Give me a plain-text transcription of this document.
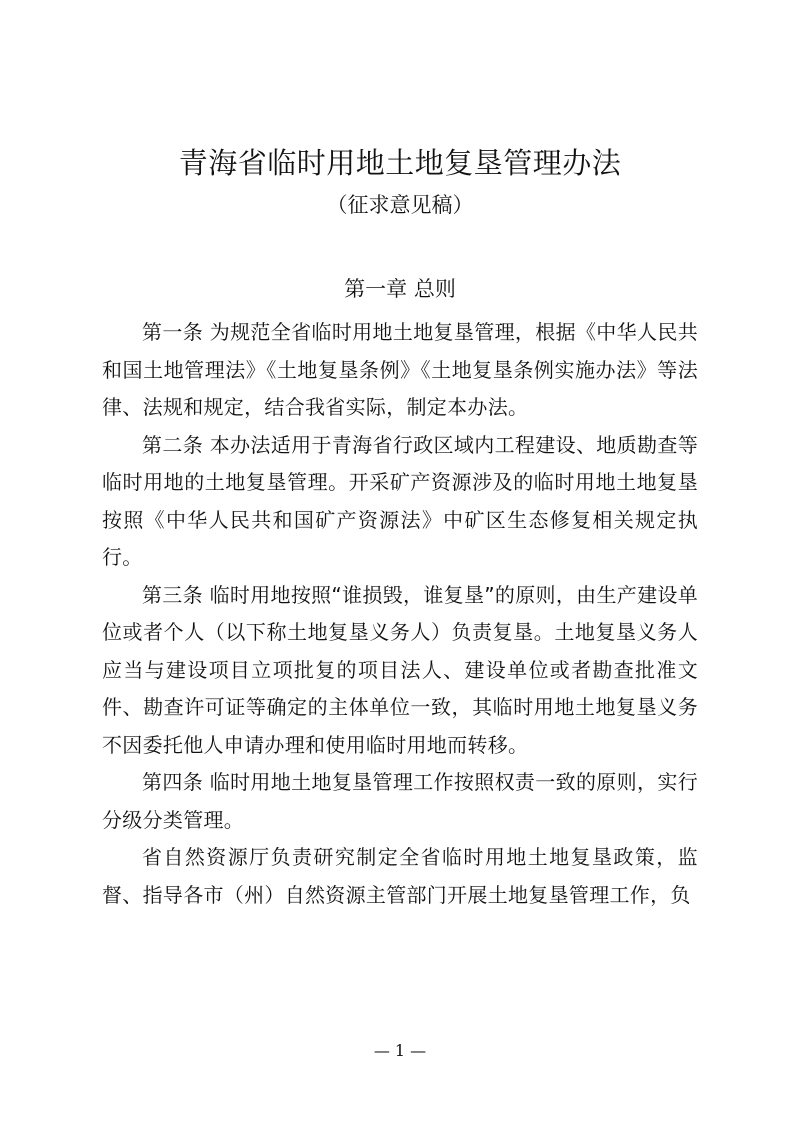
青海省临时用地土地复垦管理办法
（征求意见稿）
第一章 总则

第一条 为规范全省临时用地土地复垦管理，根据《中华人民共和国土地管理法》《土地复垦条例》《土地复垦条例实施办法》等法律、法规和规定，结合我省实际，制定本办法。

第二条 本办法适用于青海省行政区域内工程建设、地质勘查等临时用地的土地复垦管理。开采矿产资源涉及的临时用地土地复垦按照《中华人民共和国矿产资源法》中矿区生态修复相关规定执行。

第三条 临时用地按照“谁损毁，谁复垦”的原则，由生产建设单位或者个人（以下称土地复垦义务人）负责复垦。土地复垦义务人应当与建设项目立项批复的项目法人、建设单位或者勘查批准文件、勘查许可证等确定的主体单位一致，其临时用地土地复垦义务不因委托他人申请办理和使用临时用地而转移。

第四条 临时用地土地复垦管理工作按照权责一致的原则，实行分级分类管理。

省自然资源厅负责研究制定全省临时用地土地复垦政策，监督、指导各市（州）自然资源主管部门开展土地复垦管理工作，负

— 1 —
